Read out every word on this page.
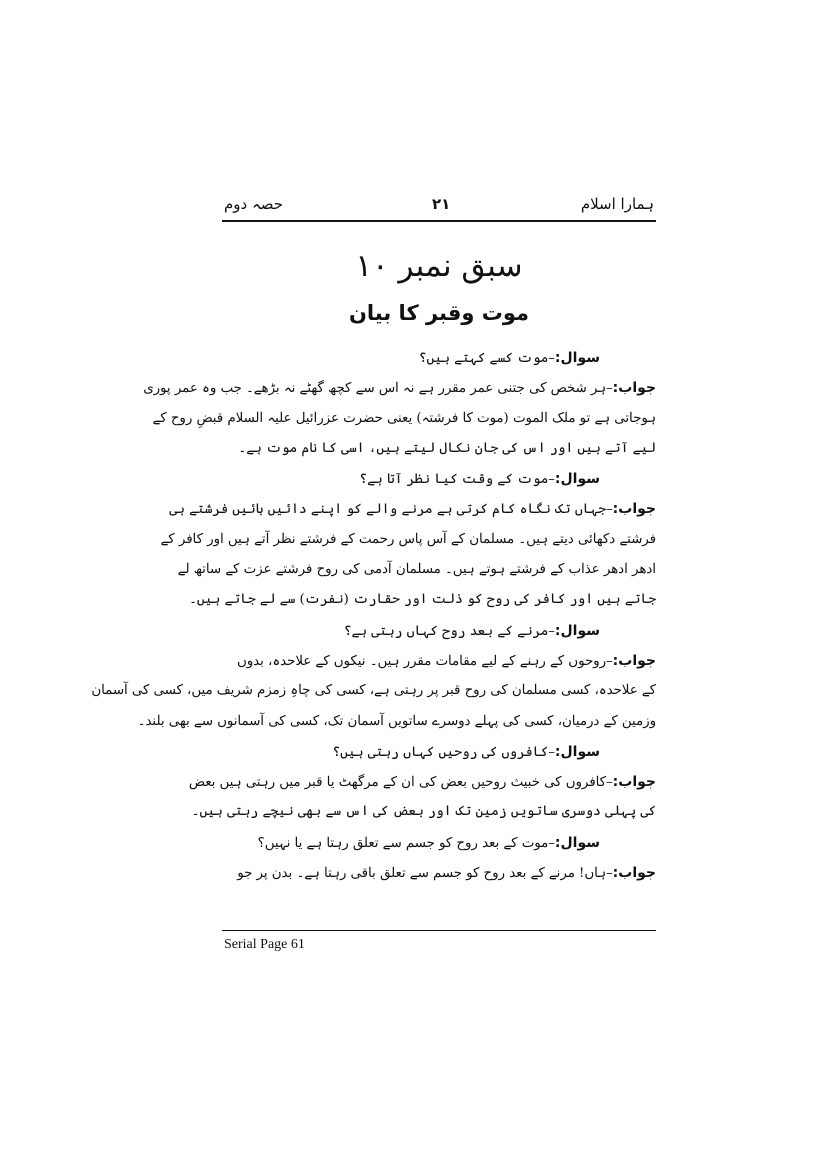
حصہ دوم	۲۱	ہمارا اسلام
سبق نمبر ۱۰
موت وقبر کا بیان
سوال:–موت کسے کہتے ہیں؟
جواب:–ہر شخص کی جتنی عمر مقرر ہے نہ اس سے کچھ گھٹے نہ بڑھے۔ جب وہ عمر پوری
ہوجاتی ہے تو ملک الموت (موت کا فرشتہ) یعنی حضرت عزرائیل علیہ السلام قبضِ روح کے
لیے آتے ہیں اور اس کی جان نکال لیتے ہیں، اسی کا نام موت ہے۔
سوال:–موت کے وقت کیا نظر آتا ہے؟
جواب:–جہاں تک نگاہ کام کرتی ہے مرنے والے کو اپنے دائیں بائیں فرشتے ہی
فرشتے دکھائی دیتے ہیں۔ مسلمان کے آس پاس رحمت کے فرشتے نظر آتے ہیں اور کافر کے
ادھر ادھر عذاب کے فرشتے ہوتے ہیں۔ مسلمان آدمی کی روح فرشتے عزت کے ساتھ لے
جاتے ہیں اور کافر کی روح کو ذلت اور حقارت (نفرت) سے لے جاتے ہیں۔
سوال:–مرنے کے بعد روح کہاں رہتی ہے؟
جواب:–روحوں کے رہنے کے لیے مقامات مقرر ہیں۔ نیکوں کے علاحدہ، بدوں
کے علاحدہ، کسی مسلمان کی روح قبر پر رہتی ہے، کسی کی چاہِ زمزم شریف میں، کسی کی آسمان
وزمین کے درمیان، کسی کی پہلے دوسرے ساتویں آسمان تک، کسی کی آسمانوں سے بھی بلند۔
سوال:–کافروں کی روحیں کہاں رہتی ہیں؟
جواب:–کافروں کی خبیث روحیں بعض کی ان کے مرگھٹ یا قبر میں رہتی ہیں بعض
کی پہلی دوسری ساتویں زمین تک اور بعض کی اس سے بھی نیچے رہتی ہیں۔
سوال:–موت کے بعد روح کو جسم سے تعلق رہتا ہے یا نہیں؟
جواب:–ہاں! مرنے کے بعد روح کو جسم سے تعلق باقی رہتا ہے۔ بدن پر جو
Serial Page 61
